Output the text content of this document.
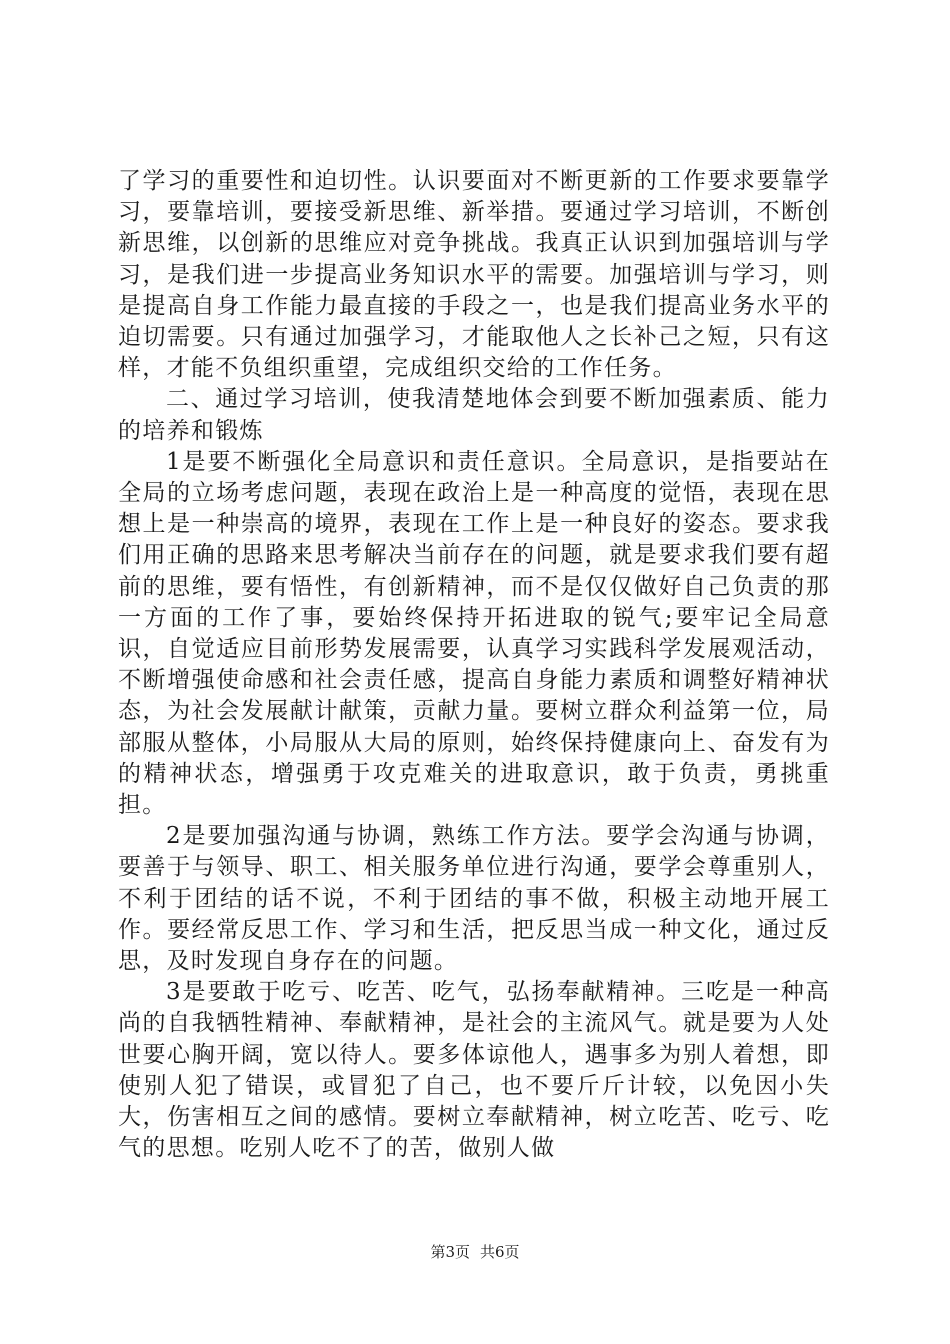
了学习的重要性和迫切性。认识要面对不断更新的工作要求要靠学习，要靠培训，要接受新思维、新举措。要通过学习培训，不断创新思维，以创新的思维应对竞争挑战。我真正认识到加强培训与学习，是我们进一步提高业务知识水平的需要。加强培训与学习，则是提高自身工作能力最直接的手段之一，也是我们提高业务水平的迫切需要。只有通过加强学习，才能取他人之长补己之短，只有这样，才能不负组织重望，完成组织交给的工作任务。

二、通过学习培训，使我清楚地体会到要不断加强素质、能力的培养和锻炼

1是要不断强化全局意识和责任意识。全局意识，是指要站在全局的立场考虑问题，表现在政治上是一种高度的觉悟，表现在思想上是一种崇高的境界，表现在工作上是一种良好的姿态。要求我们用正确的思路来思考解决当前存在的问题，就是要求我们要有超前的思维，要有悟性，有创新精神，而不是仅仅做好自己负责的那一方面的工作了事，要始终保持开拓进取的锐气;要牢记全局意识，自觉适应目前形势发展需要，认真学习实践科学发展观活动，不断增强使命感和社会责任感，提高自身能力素质和调整好精神状态，为社会发展献计献策，贡献力量。要树立群众利益第一位，局部服从整体，小局服从大局的原则，始终保持健康向上、奋发有为的精神状态，增强勇于攻克难关的进取意识，敢于负责，勇挑重担。

2是要加强沟通与协调，熟练工作方法。要学会沟通与协调，要善于与领导、职工、相关服务单位进行沟通，要学会尊重别人，不利于团结的话不说，不利于团结的事不做，积极主动地开展工作。要经常反思工作、学习和生活，把反思当成一种文化，通过反思，及时发现自身存在的问题。

3是要敢于吃亏、吃苦、吃气，弘扬奉献精神。三吃是一种高尚的自我牺牲精神、奉献精神，是社会的主流风气。就是要为人处世要心胸开阔，宽以待人。要多体谅他人，遇事多为别人着想，即使别人犯了错误，或冒犯了自己，也不要斤斤计较，以免因小失大，伤害相互之间的感情。要树立奉献精神，树立吃苦、吃亏、吃气的思想。吃别人吃不了的苦，做别人做

第3页 共6页
